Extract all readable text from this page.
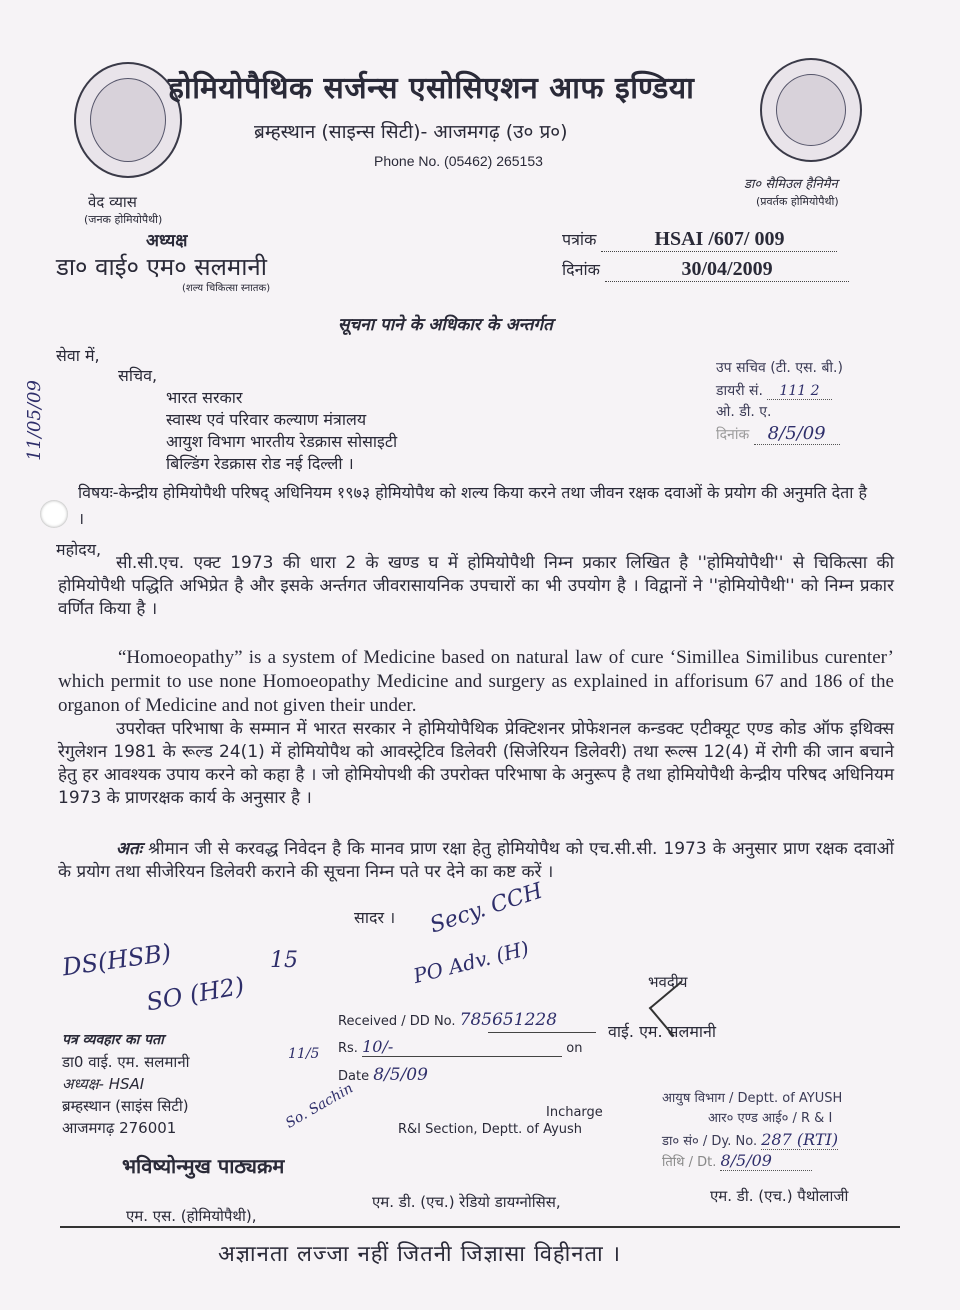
वेद व्यास
(जनक होमियोपैथी)
डा० सैमिउल हैनिमैन
(प्रवर्तक होमियोपैथी)
होमियोपैथिक सर्जन्स एसोसिएशन आफ इण्डिया
ब्रम्हस्थान (साइन्स सिटी)- आजमगढ़ (उ० प्र०)
Phone No. (05462) 265153
अध्यक्ष
डा० वाई० एम० सलमानी
(शल्य चिकित्सा स्नातक)
पत्रांक	HSAI /607/ 009
दिनांक	30/04/2009
सूचना पाने के अधिकार के अन्तर्गत
11/05/09
सेवा में,
सचिव,
भारत सरकार
स्वास्थ एवं परिवार कल्याण मंत्रालय
आयुश विभाग भारतीय रेडक्रास सोसाइटी
बिल्डिंग रेडक्रास रोड नई दिल्ली ।
उप सचिव (टी. एस. बी.)
डायरी सं. 111 2
ओ. डी. ए.
दिनांक 8/5/09
विषयः-केन्द्रीय होमियोपैथी परिषद् अधिनियम १९७३ होमियोपैथ को शल्य किया करने तथा जीवन रक्षक दवाओं के प्रयोग की अनुमति देता है ।
महोदय,
सी.सी.एच. एक्ट 1973 की धारा 2 के खण्ड घ में होमियोपैथी निम्न प्रकार लिखित है ''होमियोपैथी'' से चिकित्सा की होमियोपैथी पद्धिति अभिप्रेत है और इसके अर्न्तगत जीवरासायनिक उपचारों का भी उपयोग है । विद्वानों ने ''होमियोपैथी'' को निम्न प्रकार वर्णित किया है ।
“Homoeopathy” is a system of Medicine based on natural law of cure ‘Simillea Similibus curenter’ which permit to use none Homoeopathy Medicine and surgery as explained in afforisum 67 and 186 of the organon of Medicine and not given their under.
उपरोक्त परिभाषा के सम्मान में भारत सरकार ने होमियोपैथिक प्रेक्टिशनर प्रोफेशनल कन्डक्ट एटीक्यूट एण्ड कोड ऑफ इथिक्स रेगुलेशन 1981 के रूल्ड 24(1) में होमियोपैथ को आवस्ट्रेटिव डिलेवरी (सिजेरियन डिलेवरी) तथा रूल्स 12(4) में रोगी की जान बचाने हेतु हर आवश्यक उपाय करने को कहा है । जो होमियोपथी की उपरोक्त परिभाषा के अनुरूप है तथा होमियोपैथी केन्द्रीय परिषद अधिनियम 1973 के प्राणरक्षक कार्य के अनुसार है ।
अतः श्रीमान जी से करवद्ध निवेदन है कि मानव प्राण रक्षा हेतु होमियोपैथ को एच.सी.सी. 1973 के अनुसार प्राण रक्षक दवाओं के प्रयोग तथा सीजेरियन डिलेवरी कराने की सूचना निम्न पते पर देने का कष्ट करें ।
सादर । Secy. CCH
DS(HSB)
SO (H2)
PO Adv. (H)
15
11/5
So. Sachin
Received / DD No. 785651228
Rs. 10/-	on
Date 8/5/09
Incharge
R&I Section, Deptt. of Ayush
भवदीय
वाई. एम. सलमानी
पत्र व्यवहार का पता
डा0 वाई. एम. सलमानी
अध्यक्ष- HSAI
ब्रम्हस्थान (साइंस सिटी)
आजमगढ़ 276001
आयुष विभाग / Deptt. of AYUSH
आर० एण्ड आई० / R & I
डा० सं० / Dy. No. 287 (RTI)
तिथि / Dt. 8/5/09
भविष्योन्मुख पाठ्यक्रम
एम. एस. (होमियोपैथी),
एम. डी. (एच.) रेडियो डायग्नोसिस,	एम. डी. (एच.) पैथोलाजी
अज्ञानता लज्जा नहीं जितनी जिज्ञासा विहीनता ।
